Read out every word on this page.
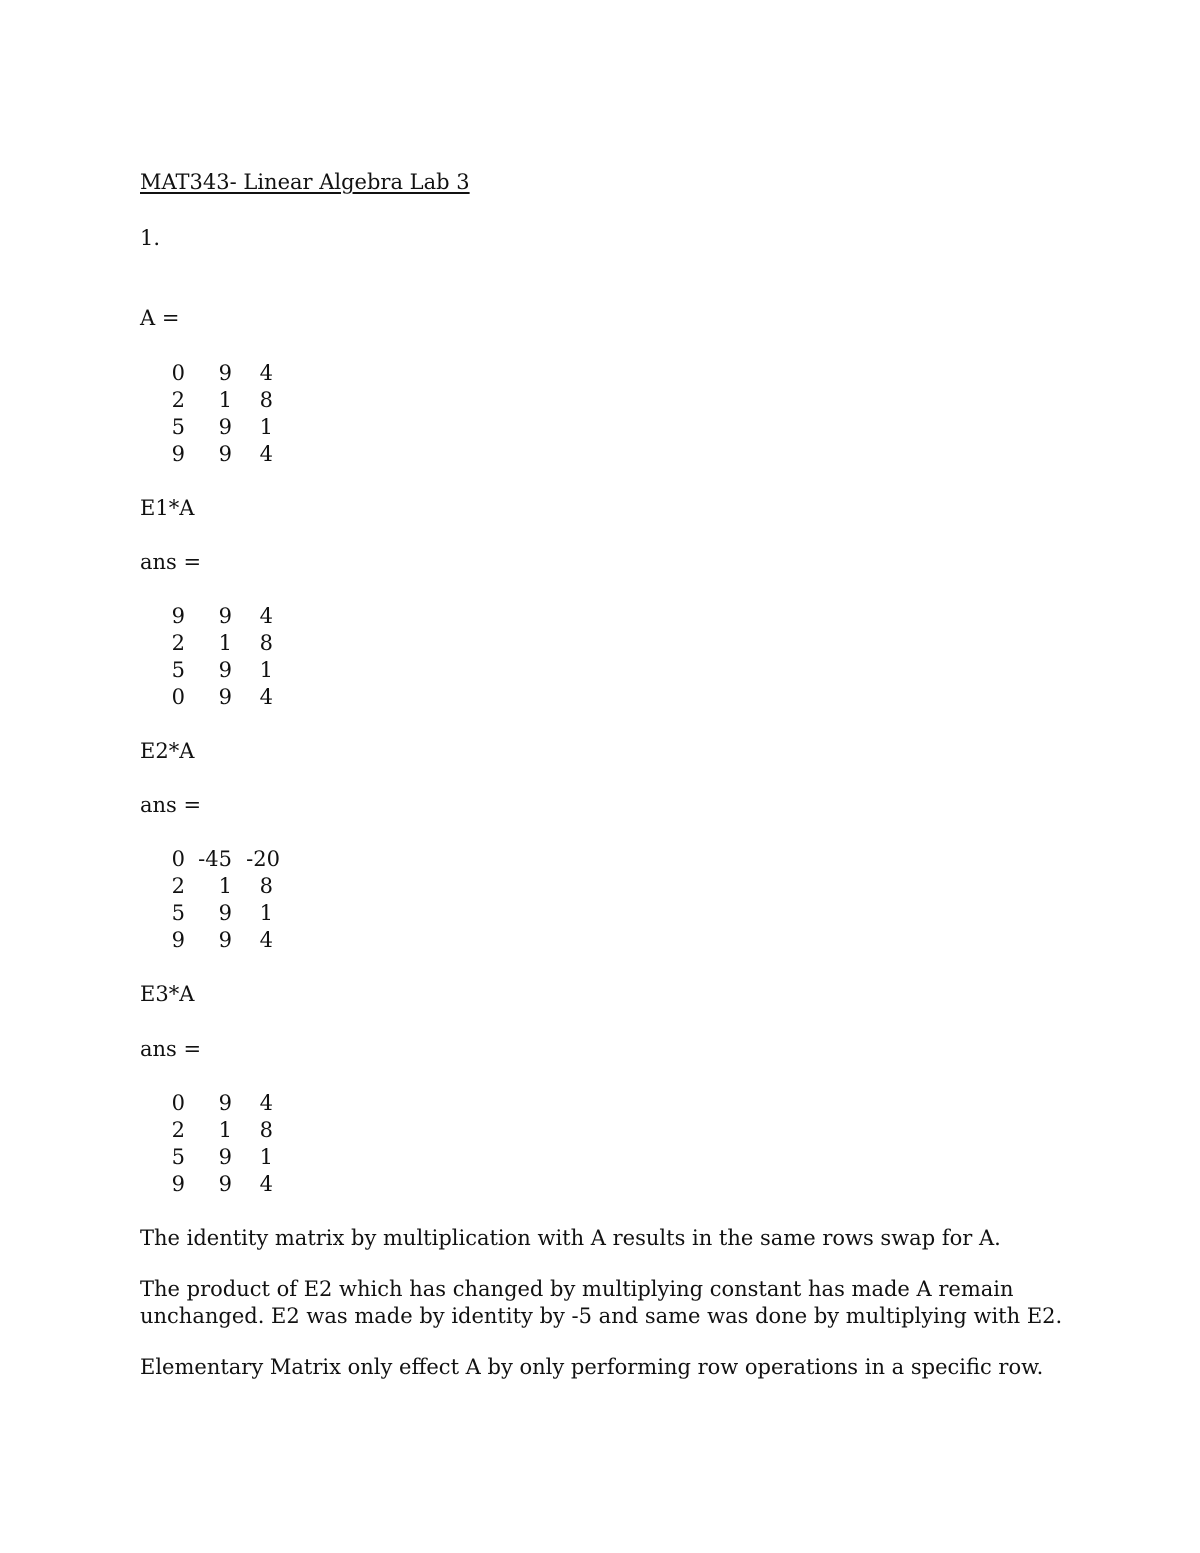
MAT343- Linear Algebra Lab 3
1.
A =
0	9	4
2	1	8
5	9	1
9	9	4
E1*A
ans =
9	9	4
2	1	8
5	9	1
0	9	4
E2*A
ans =
0 -45 -20
2	1	8
5	9	1
9	9	4
E3*A
ans =
0	9	4
2	1	8
5	9	1
9	9	4
The identity matrix by multiplication with A results in the same rows swap for A.
The product of E2 which has changed by multiplying constant has made A remain
unchanged. E2 was made by identity by -5 and same was done by multiplying with E2.
Elementary Matrix only effect A by only performing row operations in a specific row.
